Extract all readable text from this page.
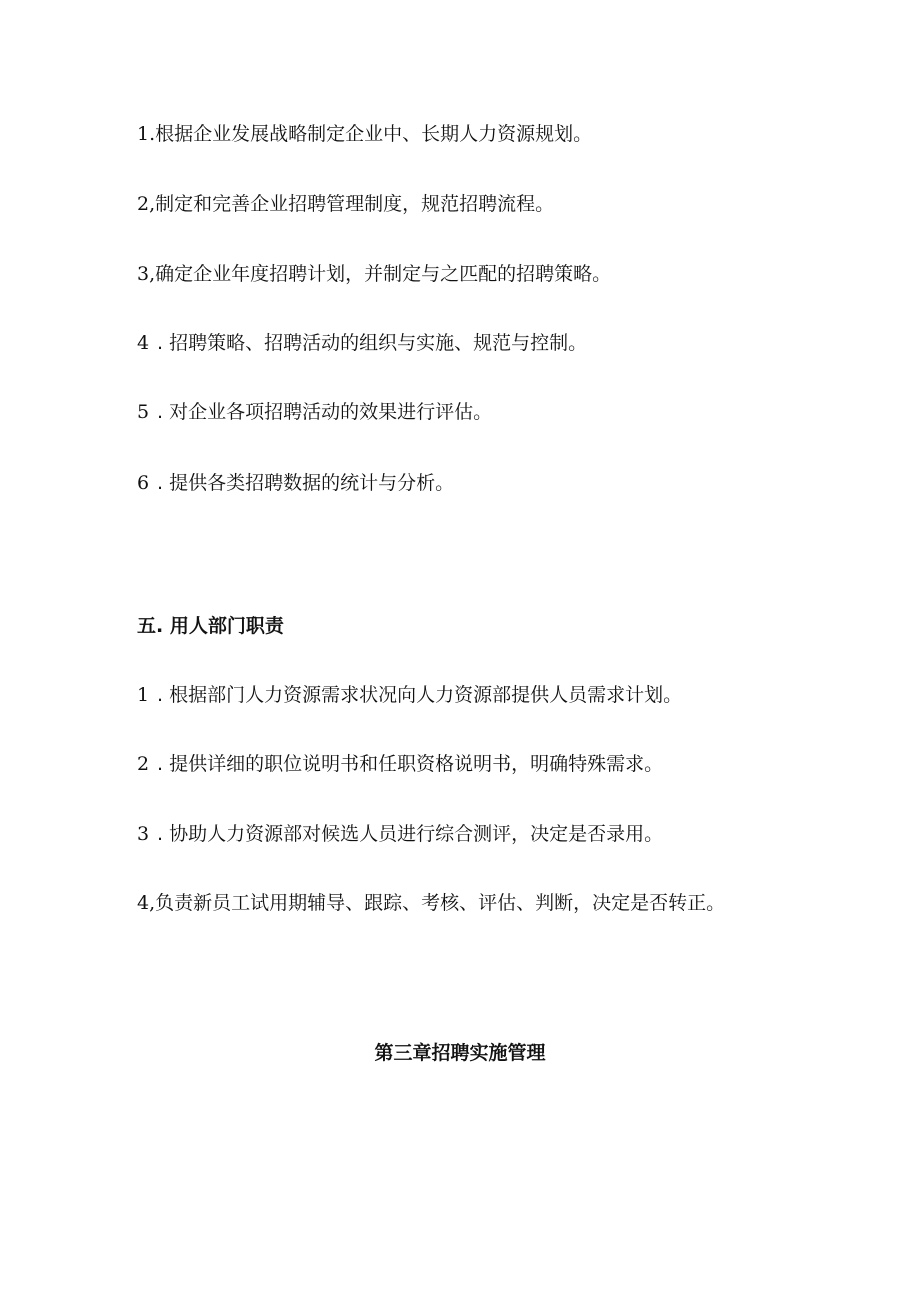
1.根据企业发展战略制定企业中、长期人力资源规划。
2,制定和完善企业招聘管理制度，规范招聘流程。
3,确定企业年度招聘计划，并制定与之匹配的招聘策略。
4 . 招聘策略、招聘活动的组织与实施、规范与控制。
5 . 对企业各项招聘活动的效果进行评估。
6 . 提供各类招聘数据的统计与分析。
五. 用人部门职责
1 . 根据部门人力资源需求状况向人力资源部提供人员需求计划。
2 . 提供详细的职位说明书和任职资格说明书，明确特殊需求。
3 . 协助人力资源部对候选人员进行综合测评，决定是否录用。
4,负责新员工试用期辅导、跟踪、考核、评估、判断，决定是否转正。
第三章招聘实施管理
